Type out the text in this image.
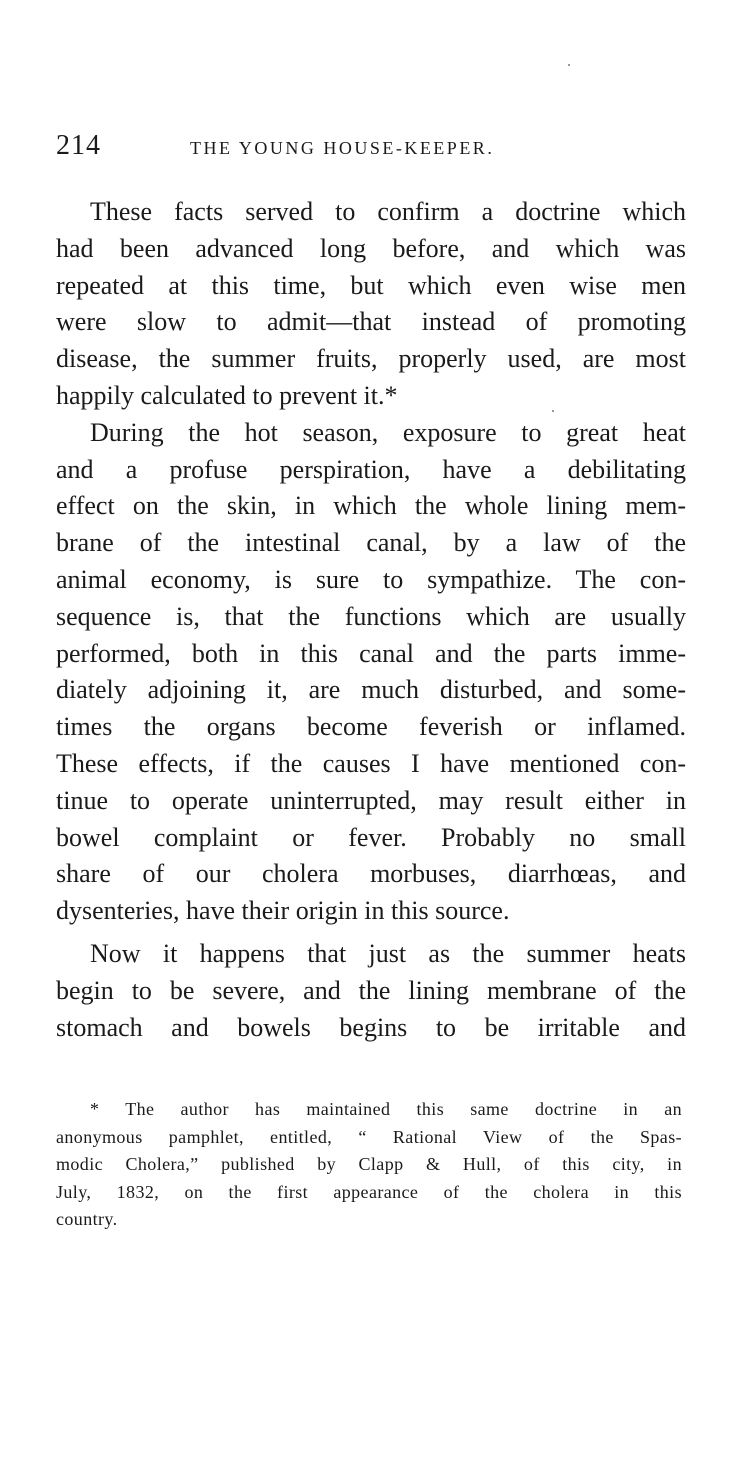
214	THE YOUNG HOUSE-KEEPER.
These facts served to confirm a doctrine which
had been advanced long before, and which was
repeated at this time, but which even wise men
were slow to admit—that instead of promoting
disease, the summer fruits, properly used, are most
happily calculated to prevent it.*
During the hot season, exposure to great heat
and a profuse perspiration, have a debilitating
effect on the skin, in which the whole lining mem-
brane of the intestinal canal, by a law of the
animal economy, is sure to sympathize. The con-
sequence is, that the functions which are usually
performed, both in this canal and the parts imme-
diately adjoining it, are much disturbed, and some-
times the organs become feverish or inflamed.
These effects, if the causes I have mentioned con-
tinue to operate uninterrupted, may result either in
bowel complaint or fever. Probably no small
share of our cholera morbuses, diarrhœas, and
dysenteries, have their origin in this source.
Now it happens that just as the summer heats
begin to be severe, and the lining membrane of the
stomach and bowels begins to be irritable and
* The author has maintained this same doctrine in an
anonymous pamphlet, entitled, “ Rational View of the Spas-
modic Cholera,” published by Clapp & Hull, of this city, in
July, 1832, on the first appearance of the cholera in this
country.
